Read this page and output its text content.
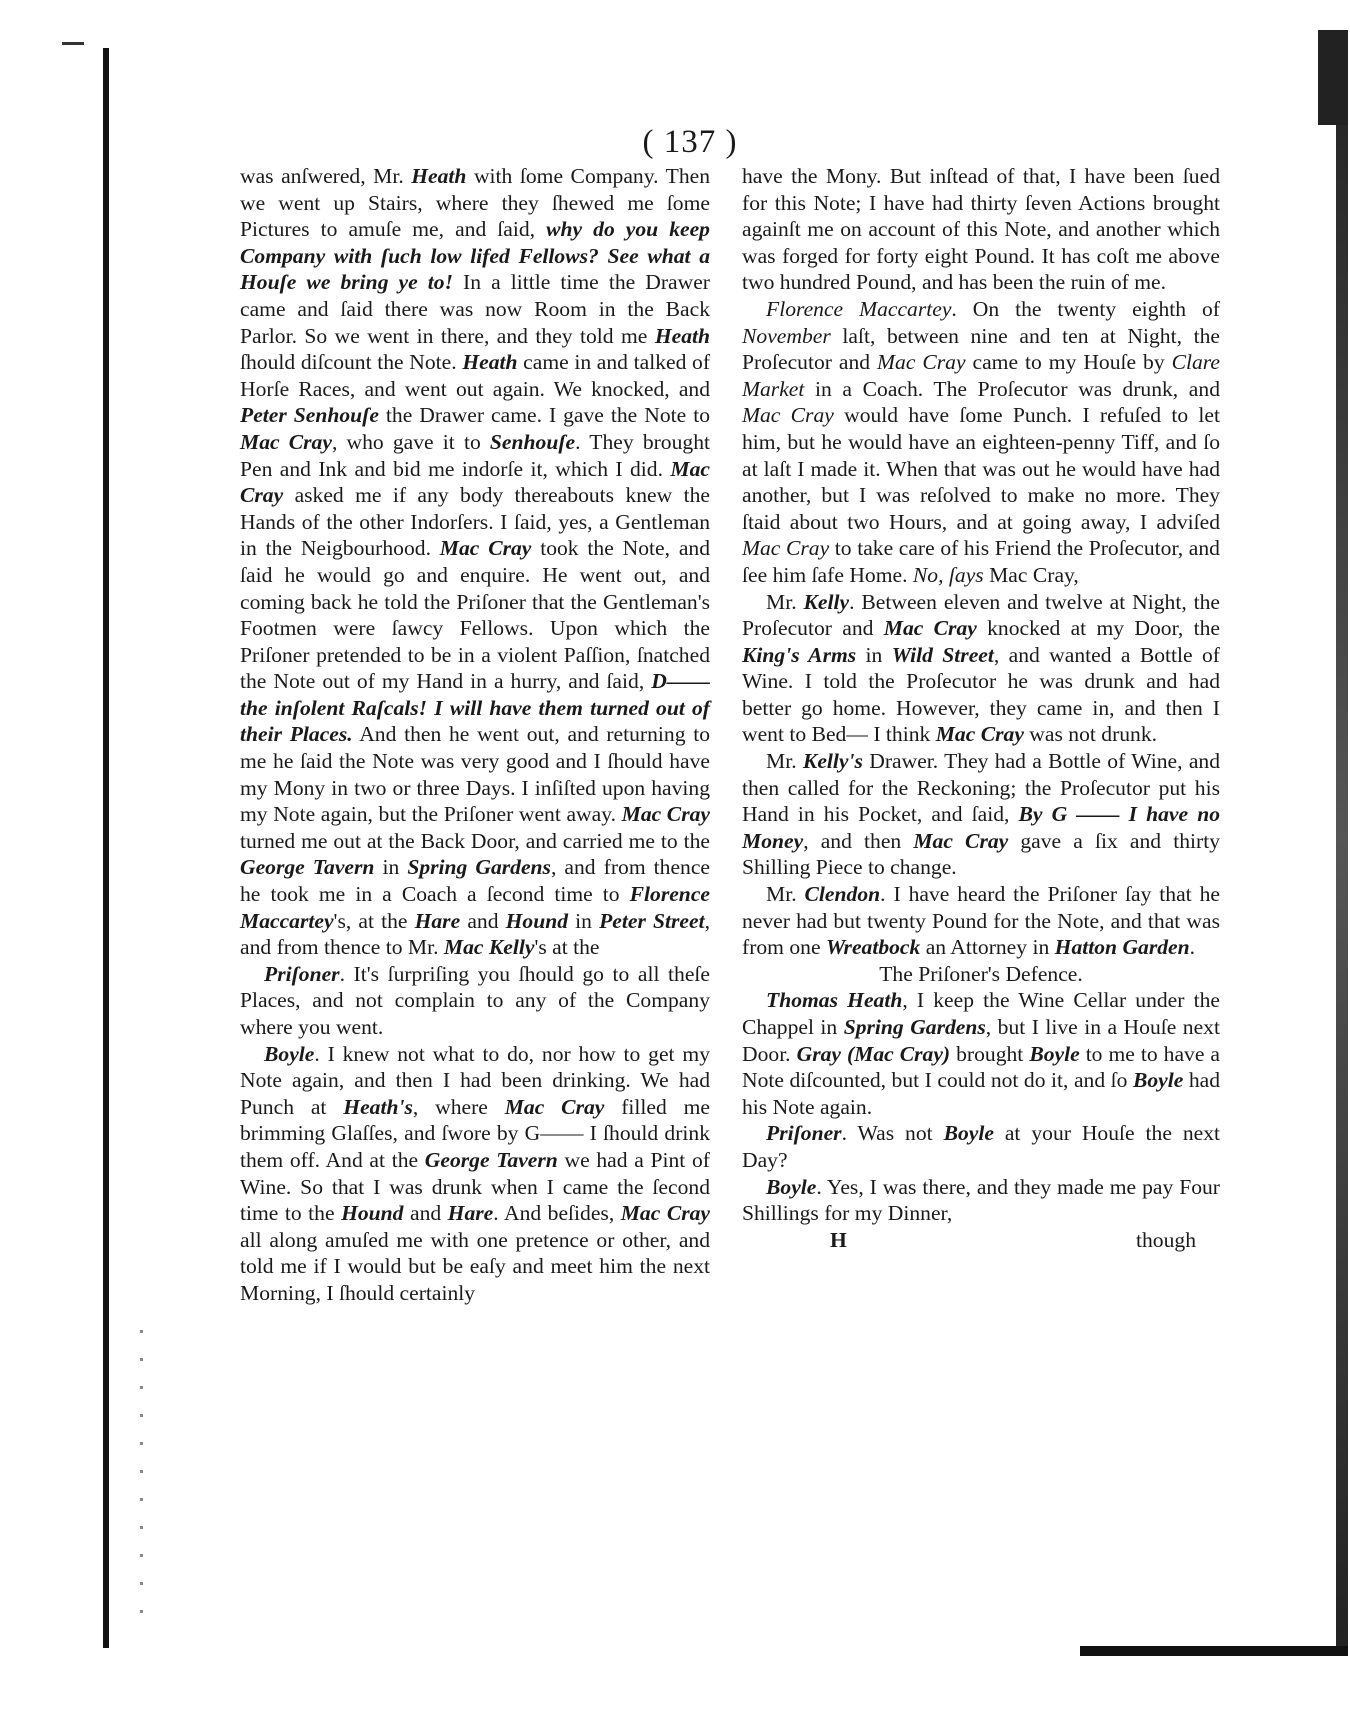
( 137 )

was anſwered, Mr. Heath with ſome Company. Then we went up Stairs, where they ſhewed me ſome Pictures to amuſe me, and ſaid, why do you keep Company with ſuch low lifed Fellows? See what a Houſe we bring ye to! In a little time the Drawer came and ſaid there was now Room in the Back Parlor. So we went in there, and they told me Heath ſhould diſcount the Note. Heath came in and talked of Horſe Races, and went out again. We knocked, and Peter Senhouſe the Drawer came. I gave the Note to Mac Cray, who gave it to Senhouſe. They brought Pen and Ink and bid me indorſe it, which I did. Mac Cray asked me if any body thereabouts knew the Hands of the other Indorſers. I ſaid, yes, a Gentleman in the Neigbourhood. Mac Cray took the Note, and ſaid he would go and enquire. He went out, and coming back he told the Priſoner that the Gentleman's Footmen were ſawcy Fellows. Upon which the Priſoner pretended to be in a violent Paſſion, ſnatched the Note out of my Hand in a hurry, and ſaid, D—— the inſolent Raſcals! I will have them turned out of their Places. And then he went out, and returning to me he ſaid the Note was very good and I ſhould have my Mony in two or three Days. I inſiſted upon having my Note again, but the Priſoner went away. Mac Cray turned me out at the Back Door, and carried me to the George Tavern in Spring Gardens, and from thence he took me in a Coach a ſecond time to Florence Maccartey's, at the Hare and Hound in Peter Street, and from thence to Mr. Mac Kelly's at the

Priſoner. It's ſurpriſing you ſhould go to all theſe Places, and not complain to any of the Company where you went.

Boyle. I knew not what to do, nor how to get my Note again, and then I had been drinking. We had Punch at Heath's, where Mac Cray filled me brimming Glaſſes, and ſwore by G—— I ſhould drink them off. And at the George Tavern we had a Pint of Wine. So that I was drunk when I came the ſecond time to the Hound and Hare. And beſides, Mac Cray all along amuſed me with one pretence or other, and told me if I would but be eaſy and meet him the next Morning, I ſhould certainly

have the Mony. But inſtead of that, I have been ſued for this Note; I have had thirty ſeven Actions brought againſt me on account of this Note, and another which was forged for forty eight Pound. It has coſt me above two hundred Pound, and has been the ruin of me.

Florence Maccartey. On the twenty eighth of November laſt, between nine and ten at Night, the Proſecutor and Mac Cray came to my Houſe by Clare Market in a Coach. The Proſecutor was drunk, and Mac Cray would have ſome Punch. I refuſed to let him, but he would have an eighteen-penny Tiff, and ſo at laſt I made it. When that was out he would have had another, but I was reſolved to make no more. They ſtaid about two Hours, and at going away, I adviſed Mac Cray to take care of his Friend the Proſecutor, and ſee him ſafe Home. No, ſays Mac Cray,

Mr. Kelly. Between eleven and twelve at Night, the Proſecutor and Mac Cray knocked at my Door, the King's Arms in Wild Street, and wanted a Bottle of Wine. I told the Proſecutor he was drunk and had better go home. However, they came in, and then I went to Bed— I think Mac Cray was not drunk.

Mr. Kelly's Drawer. They had a Bottle of Wine, and then called for the Reckoning; the Proſecutor put his Hand in his Pocket, and ſaid, By G —— I have no Money, and then Mac Cray gave a ſix and thirty Shilling Piece to change.

Mr. Clendon. I have heard the Priſoner ſay that he never had but twenty Pound for the Note, and that was from one Wreatbock an Attorney in Hatton Garden.

The Priſoner's Defence.

Thomas Heath, I keep the Wine Cellar under the Chappel in Spring Gardens, but I live in a Houſe next Door. Gray (Mac Cray) brought Boyle to me to have a Note diſcounted, but I could not do it, and ſo Boyle had his Note again.

Priſoner. Was not Boyle at your Houſe the next Day?

Boyle. Yes, I was there, and they made me pay Four Shillings for my Dinner,

H	though
